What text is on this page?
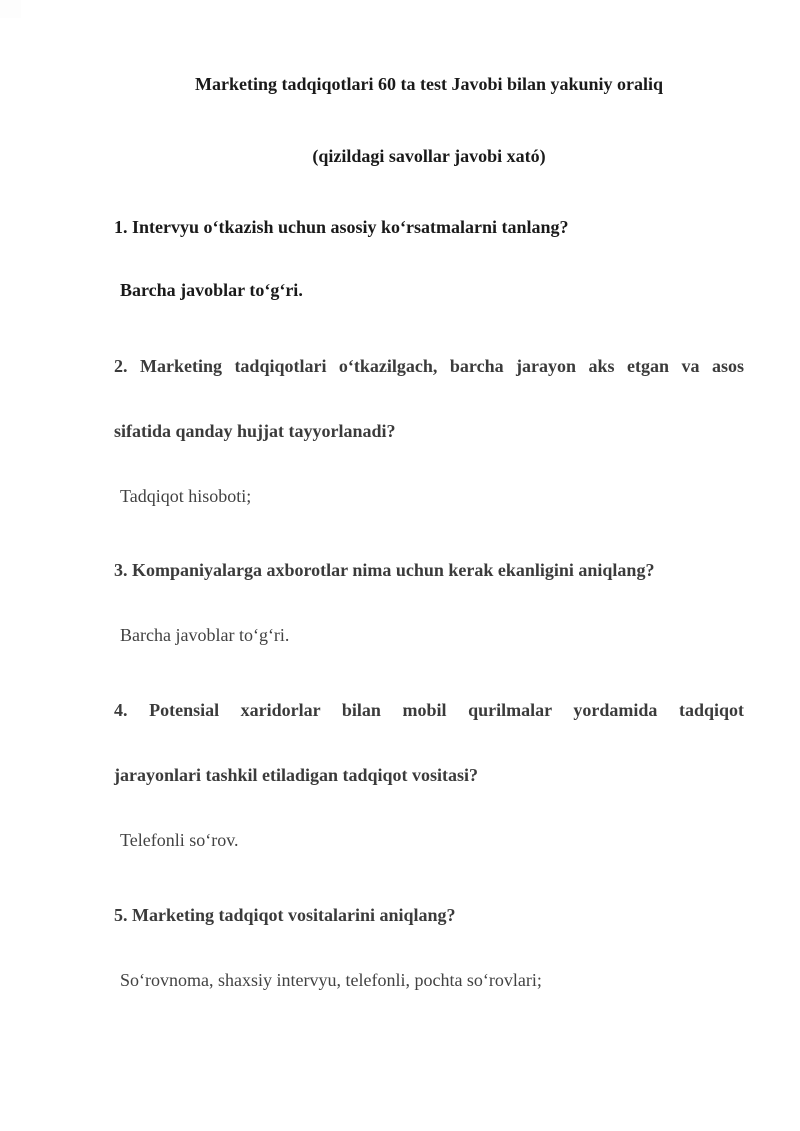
Marketing tadqiqotlari 60 ta test Javobi bilan yakuniy oraliq
(qizildagi savollar javobi xató)
1. Intervyu o‘tkazish uchun asosiy ko‘rsatmalarni tanlang?
Barcha javoblar to‘g‘ri.
2. Marketing tadqiqotlari o‘tkazilgach, barcha jarayon aks etgan va asos
sifatida qanday hujjat tayyorlanadi?
Tadqiqot hisoboti;
3. Kompaniyalarga axborotlar nima uchun kerak ekanligini aniqlang?
Barcha javoblar to‘g‘ri.
4. Potensial xaridorlar bilan mobil qurilmalar yordamida tadqiqot
jarayonlari tashkil etiladigan tadqiqot vositasi?
Telefonli so‘rov.
5. Marketing tadqiqot vositalarini aniqlang?
So‘rovnoma, shaxsiy intervyu, telefonli, pochta so‘rovlari;
